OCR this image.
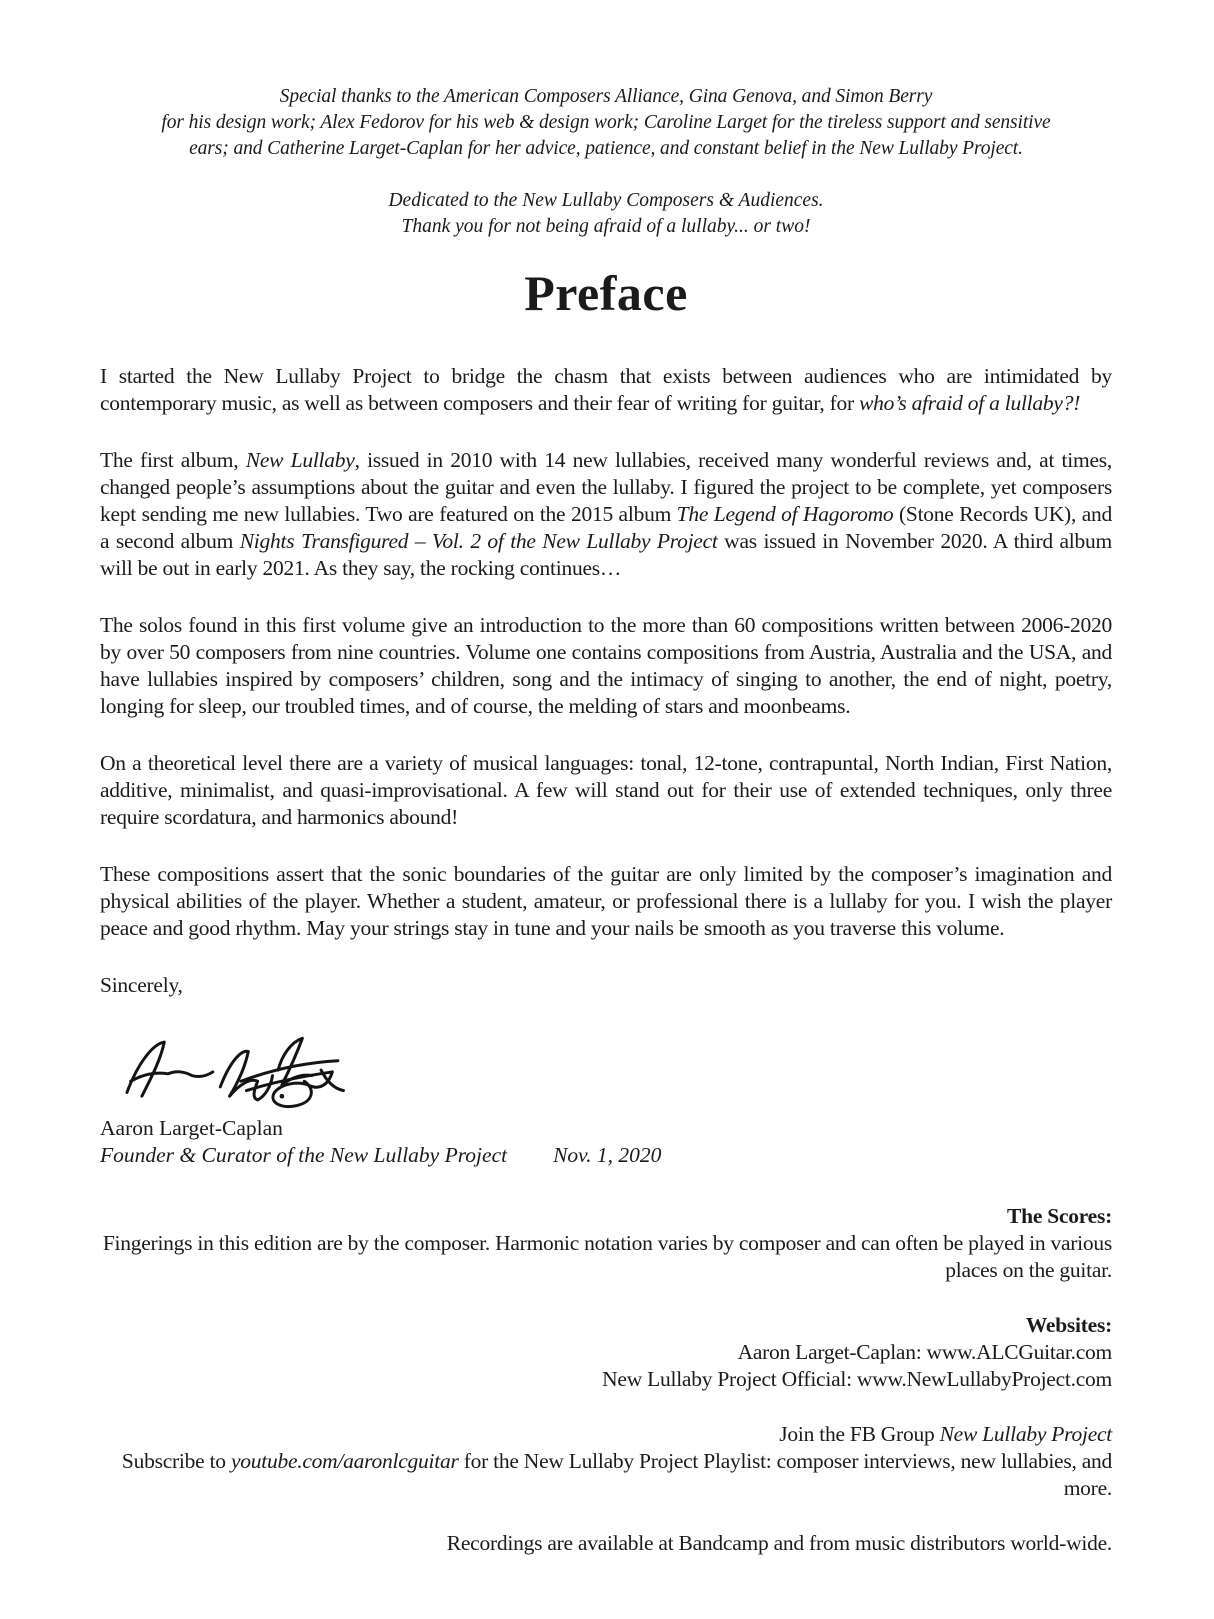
Special thanks to the American Composers Alliance, Gina Genova, and Simon Berry
for his design work; Alex Fedorov for his web & design work; Caroline Larget for the tireless support and sensitive
ears; and Catherine Larget-Caplan for her advice, patience, and constant belief in the New Lullaby Project.
Dedicated to the New Lullaby Composers & Audiences.
Thank you for not being afraid of a lullaby... or two!
Preface

I started the New Lullaby Project to bridge the chasm that exists between audiences who are intimidated by contemporary music, as well as between composers and their fear of writing for guitar, for who’s afraid of a lullaby?!

The first album, New Lullaby, issued in 2010 with 14 new lullabies, received many wonderful reviews and, at times, changed people’s assumptions about the guitar and even the lullaby. I figured the project to be complete, yet composers kept sending me new lullabies. Two are featured on the 2015 album The Legend of Hagoromo (Stone Records UK), and a second album Nights Transfigured – Vol. 2 of the New Lullaby Project was issued in November 2020. A third album will be out in early 2021. As they say, the rocking continues…

The solos found in this first volume give an introduction to the more than 60 compositions written between 2006-2020 by over 50 composers from nine countries. Volume one contains compositions from Austria, Australia and the USA, and have lullabies inspired by composers’ children, song and the intimacy of singing to another, the end of night, poetry, longing for sleep, our troubled times, and of course, the melding of stars and moonbeams.

On a theoretical level there are a variety of musical languages: tonal, 12-tone, contrapuntal, North Indian, First Nation, additive, minimalist, and quasi-improvisational. A few will stand out for their use of extended techniques, only three require scordatura, and harmonics abound!

These compositions assert that the sonic boundaries of the guitar are only limited by the composer’s imagination and physical abilities of the player. Whether a student, amateur, or professional there is a lullaby for you. I wish the player peace and good rhythm. May your strings stay in tune and your nails be smooth as you traverse this volume.

Sincerely,

Aaron Larget-Caplan
Founder & Curator of the New Lullaby Project Nov. 1, 2020
The Scores:
Fingerings in this edition are by the composer. Harmonic notation varies by composer and can often be played in various places on the guitar.
Websites:
Aaron Larget-Caplan: www.ALCGuitar.com
New Lullaby Project Official: www.NewLullabyProject.com
Join the FB Group New Lullaby Project
Subscribe to youtube.com/aaronlcguitar for the New Lullaby Project Playlist: composer interviews, new lullabies, and more.
Recordings are available at Bandcamp and from music distributors world-wide.
